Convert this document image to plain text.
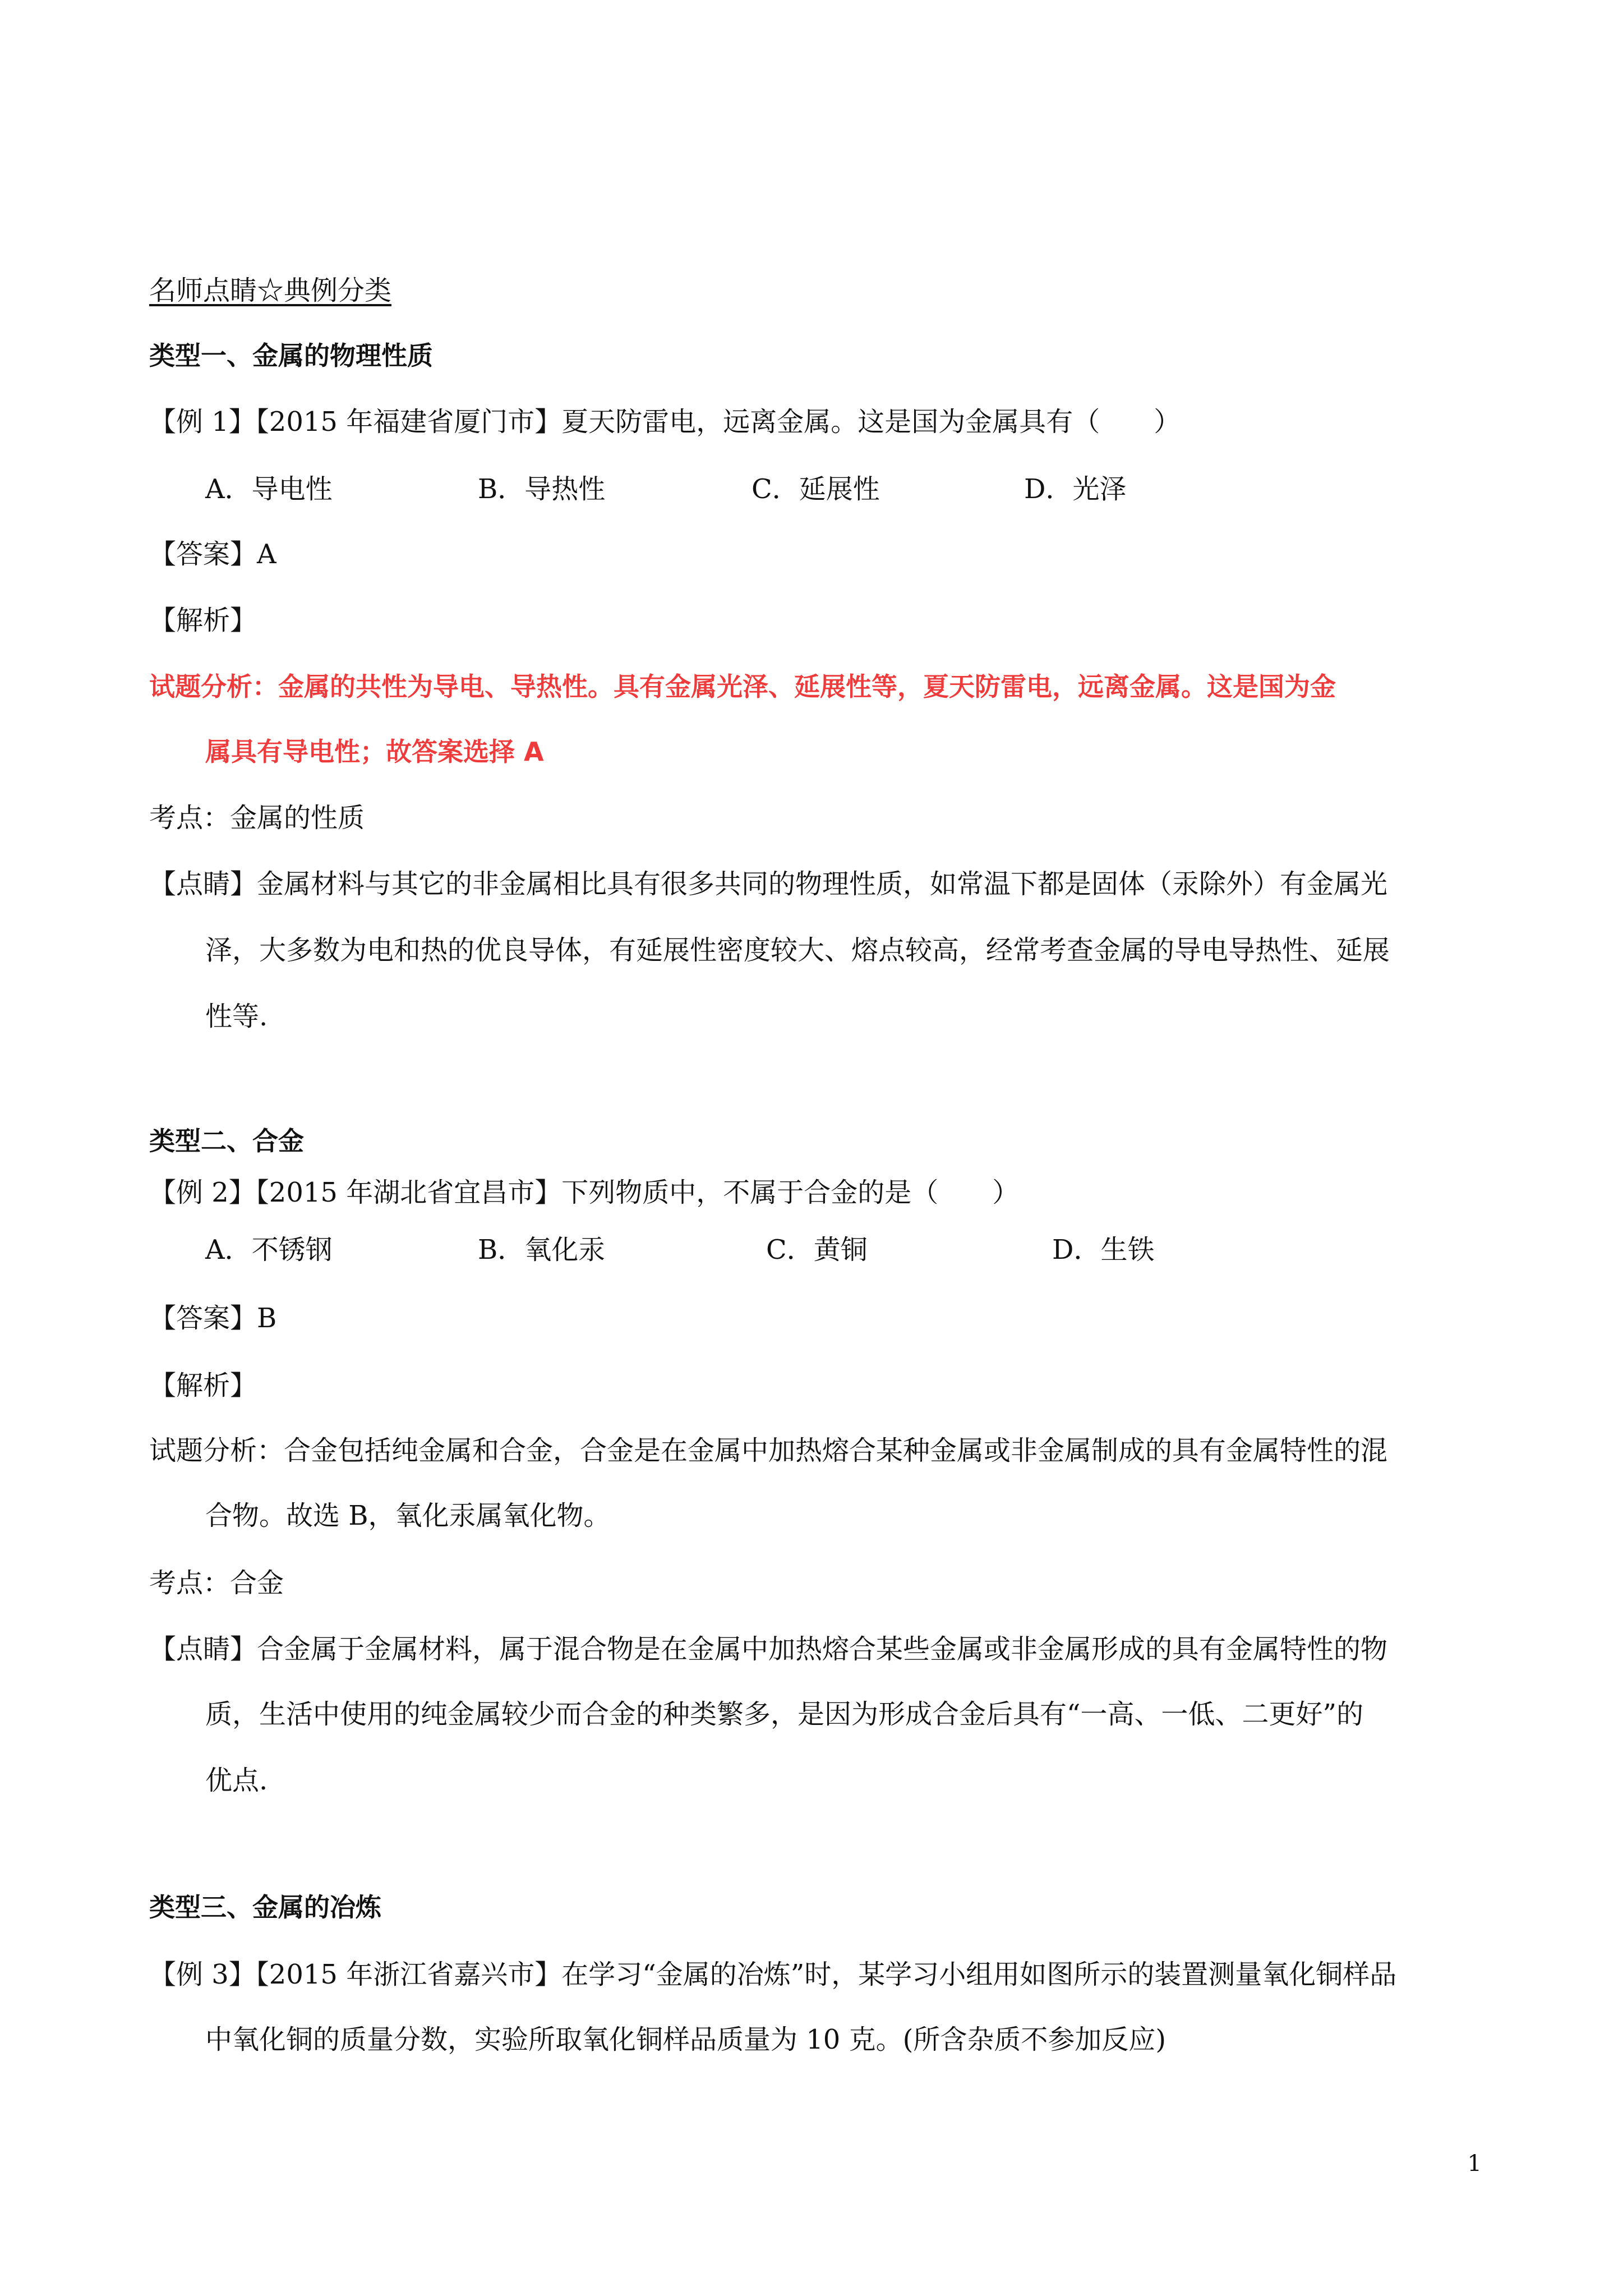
名师点睛☆典例分类

类型一、金属的物理性质

【例 1】【2015 年福建省厦门市】夏天防雷电，远离金属。这是国为金属具有（　　）

A．导电性	B．导热性	C．延展性	D．光泽

【答案】A

【解析】

试题分析：金属的共性为导电、导热性。具有金属光泽、延展性等，夏天防雷电，远离金属。这是国为金

属具有导电性；故答案选择 A

考点：金属的性质

【点睛】金属材料与其它的非金属相比具有很多共同的物理性质，如常温下都是固体（汞除外）有金属光

泽，大多数为电和热的优良导体，有延展性密度较大、熔点较高，经常考查金属的导电导热性、延展

性等.

类型二、合金

【例 2】【2015 年湖北省宜昌市】下列物质中，不属于合金的是（　　）

A．不锈钢	B．氧化汞	C．黄铜	D．生铁

【答案】B

【解析】

试题分析：合金包括纯金属和合金，合金是在金属中加热熔合某种金属或非金属制成的具有金属特性的混

合物。故选 B，氧化汞属氧化物。

考点：合金

【点睛】合金属于金属材料，属于混合物是在金属中加热熔合某些金属或非金属形成的具有金属特性的物

质，生活中使用的纯金属较少而合金的种类繁多，是因为形成合金后具有“一高、一低、二更好”的

优点.

类型三、金属的冶炼

【例 3】【2015 年浙江省嘉兴市】在学习“金属的冶炼”时，某学习小组用如图所示的装置测量氧化铜样品

中氧化铜的质量分数，实验所取氧化铜样品质量为 10 克。(所含杂质不参加反应)

1
